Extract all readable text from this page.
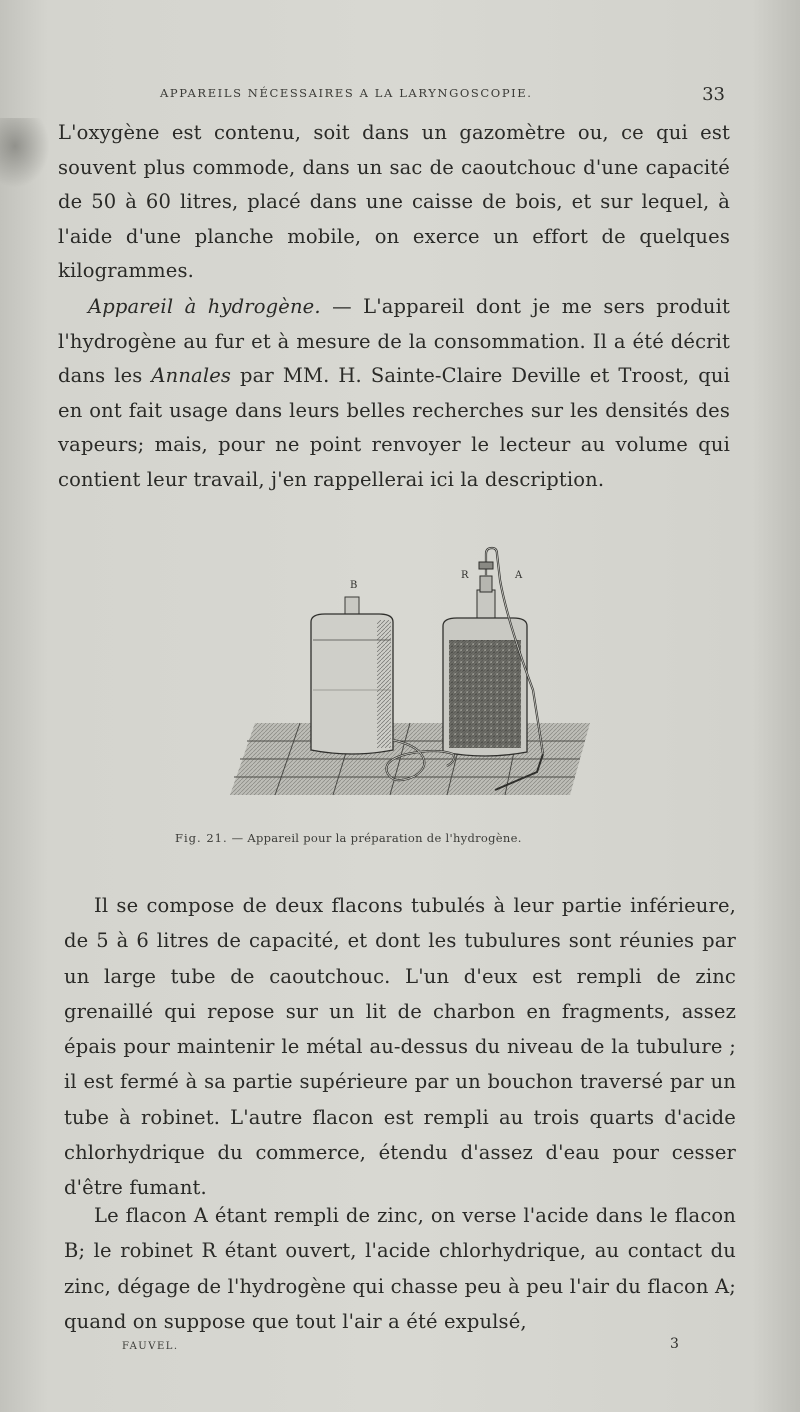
APPAREILS NÉCESSAIRES A LA LARYNGOSCOPIE.	33

L'oxygène est contenu, soit dans un gazomètre ou, ce qui est souvent plus commode, dans un sac de caoutchouc d'une capacité de 50 à 60 litres, placé dans une caisse de bois, et sur lequel, à l'aide d'une planche mobile, on exerce un effort de quelques kilogrammes.

Appareil à hydrogène. — L'appareil dont je me sers produit l'hydrogène au fur et à mesure de la consommation. Il a été décrit dans les Annales par MM. H. Sainte-Claire Deville et Troost, qui en ont fait usage dans leurs belles recherches sur les densités des vapeurs; mais, pour ne point renvoyer le lecteur au volume qui contient leur travail, j'en rappellerai ici la description.

B
R	A
Fig. 21. — Appareil pour la préparation de l'hydrogène.

Il se compose de deux flacons tubulés à leur partie inférieure, de 5 à 6 litres de capacité, et dont les tubulures sont réunies par un large tube de caoutchouc. L'un d'eux est rempli de zinc grenaillé qui repose sur un lit de charbon en fragments, assez épais pour maintenir le métal au-dessus du niveau de la tubulure ; il est fermé à sa partie supérieure par un bouchon traversé par un tube à robinet. L'autre flacon est rempli au trois quarts d'acide chlorhydrique du commerce, étendu d'assez d'eau pour cesser d'être fumant.

Le flacon A étant rempli de zinc, on verse l'acide dans le flacon B; le robinet R étant ouvert, l'acide chlorhydrique, au contact du zinc, dégage de l'hydrogène qui chasse peu à peu l'air du flacon A; quand on suppose que tout l'air a été expulsé,

FAUVEL.	3
